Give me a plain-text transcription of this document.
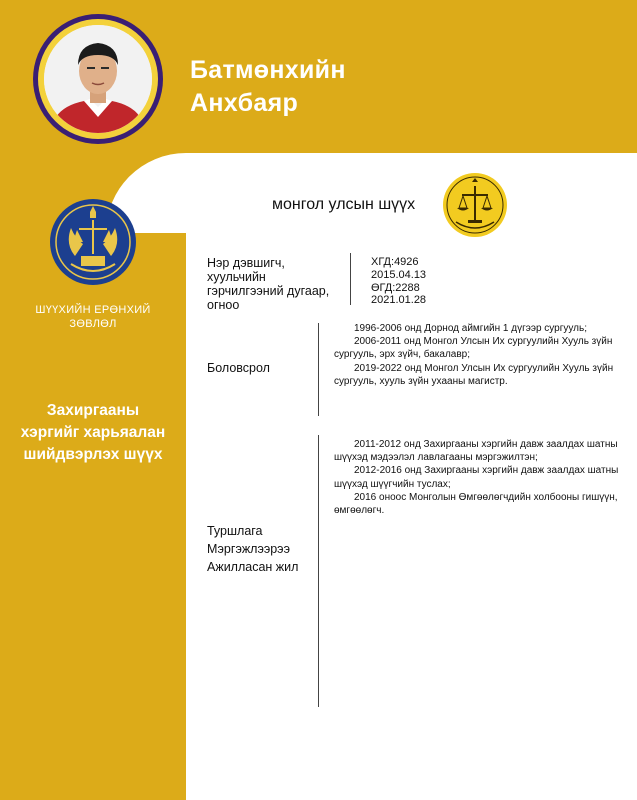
Батмөнхийн
Анхбаяр
ШҮҮХИЙН ЕРӨНХИЙ
ЗӨВЛӨЛ
Захиргааны
хэргийг харьяалан
шийдвэрлэх шүүх
монгол улсын шүүх
Нэр дэвшигч,
хуульчийн
гэрчилгээний дугаар,
огноо
ХГД:4926
2015.04.13
ӨГД:2288
2021.01.28
Боловсрол
1996-2006 онд Дорнод аймгийн 1 дүгээр сургууль;
2006-2011 онд Монгол Улсын Их сургуулийн Хууль зүйн сургууль, эрх зүйч, бакалавр;
2019-2022 онд Монгол Улсын Их сургуулийн Хууль зүйн сургууль, хууль зүйн ухааны магистр.
Туршлага
Мэргэжлээрээ
Ажилласан жил
2011-2012 онд Захиргааны хэргийн давж заалдах шатны шүүхэд мэдээлэл лавлагааны мэргэжилтэн;
2012-2016 онд Захиргааны хэргийн давж заалдах шатны шүүхэд шүүгчийн туслах;
2016 оноос Монголын Өмгөөлөгчдийн холбооны гишүүн, өмгөөлөгч.
